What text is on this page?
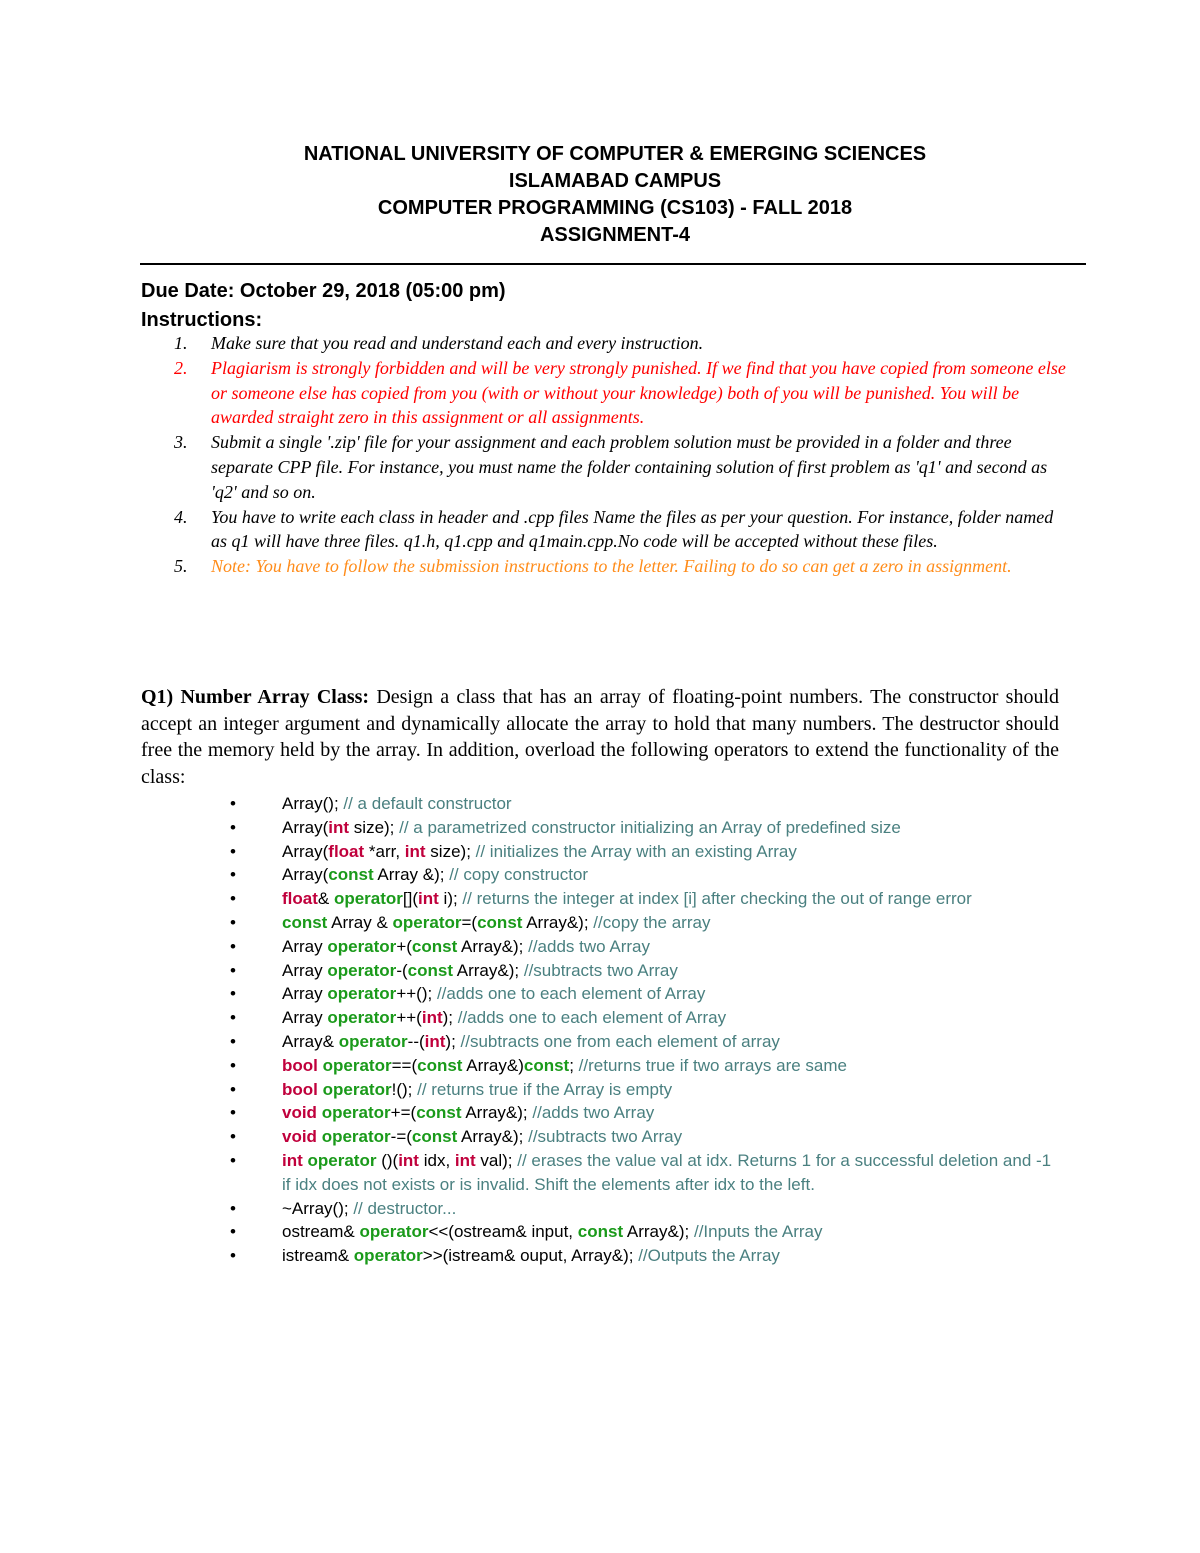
NATIONAL UNIVERSITY OF COMPUTER & EMERGING SCIENCES
ISLAMABAD CAMPUS
COMPUTER PROGRAMMING (CS103) - FALL 2018
ASSIGNMENT-4
Due Date: October 29, 2018 (05:00 pm)
Instructions:
1. Make sure that you read and understand each and every instruction.
2. Plagiarism is strongly forbidden and will be very strongly punished. If we find that you have copied from someone else or someone else has copied from you (with or without your knowledge) both of you will be punished. You will be awarded straight zero in this assignment or all assignments.
3. Submit a single '.zip' file for your assignment and each problem solution must be provided in a folder and three separate CPP file. For instance, you must name the folder containing solution of first problem as 'q1' and second as 'q2' and so on.
4. You have to write each class in header and .cpp files Name the files as per your question. For instance, folder named as q1 will have three files. q1.h, q1.cpp and q1main.cpp.No code will be accepted without these files.
5. Note: You have to follow the submission instructions to the letter. Failing to do so can get a zero in assignment.
Q1) Number Array Class: Design a class that has an array of floating-point numbers. The constructor should accept an integer argument and dynamically allocate the array to hold that many numbers. The destructor should free the memory held by the array. In addition, overload the following operators to extend the functionality of the class:
•	Array(); // a default constructor
•	Array(int size); // a parametrized constructor initializing an Array of predefined size
•	Array(float *arr, int size); // initializes the Array with an existing Array
•	Array(const Array &); // copy constructor
•	float& operator[](int i); // returns the integer at index [i] after checking the out of range error
•	const Array & operator=(const Array&); //copy the array
•	Array operator+(const Array&); //adds two Array
•	Array operator-(const Array&); //subtracts two Array
•	Array operator++(); //adds one to each element of Array
•	Array operator++(int); //adds one to each element of Array
•	Array& operator--(int); //subtracts one from each element of array
•	bool operator==(const Array&)const; //returns true if two arrays are same
•	bool operator!(); // returns true if the Array is empty
•	void operator+=(const Array&); //adds two Array
•	void operator-=(const Array&); //subtracts two Array
•	int operator ()(int idx, int val); // erases the value val at idx. Returns 1 for a successful deletion and -1 if idx does not exists or is invalid. Shift the elements after idx to the left.
•	~Array(); // destructor...
•	ostream& operator<<(ostream& input, const Array&); //Inputs the Array
•	istream& operator>>(istream& ouput, Array&); //Outputs the Array
